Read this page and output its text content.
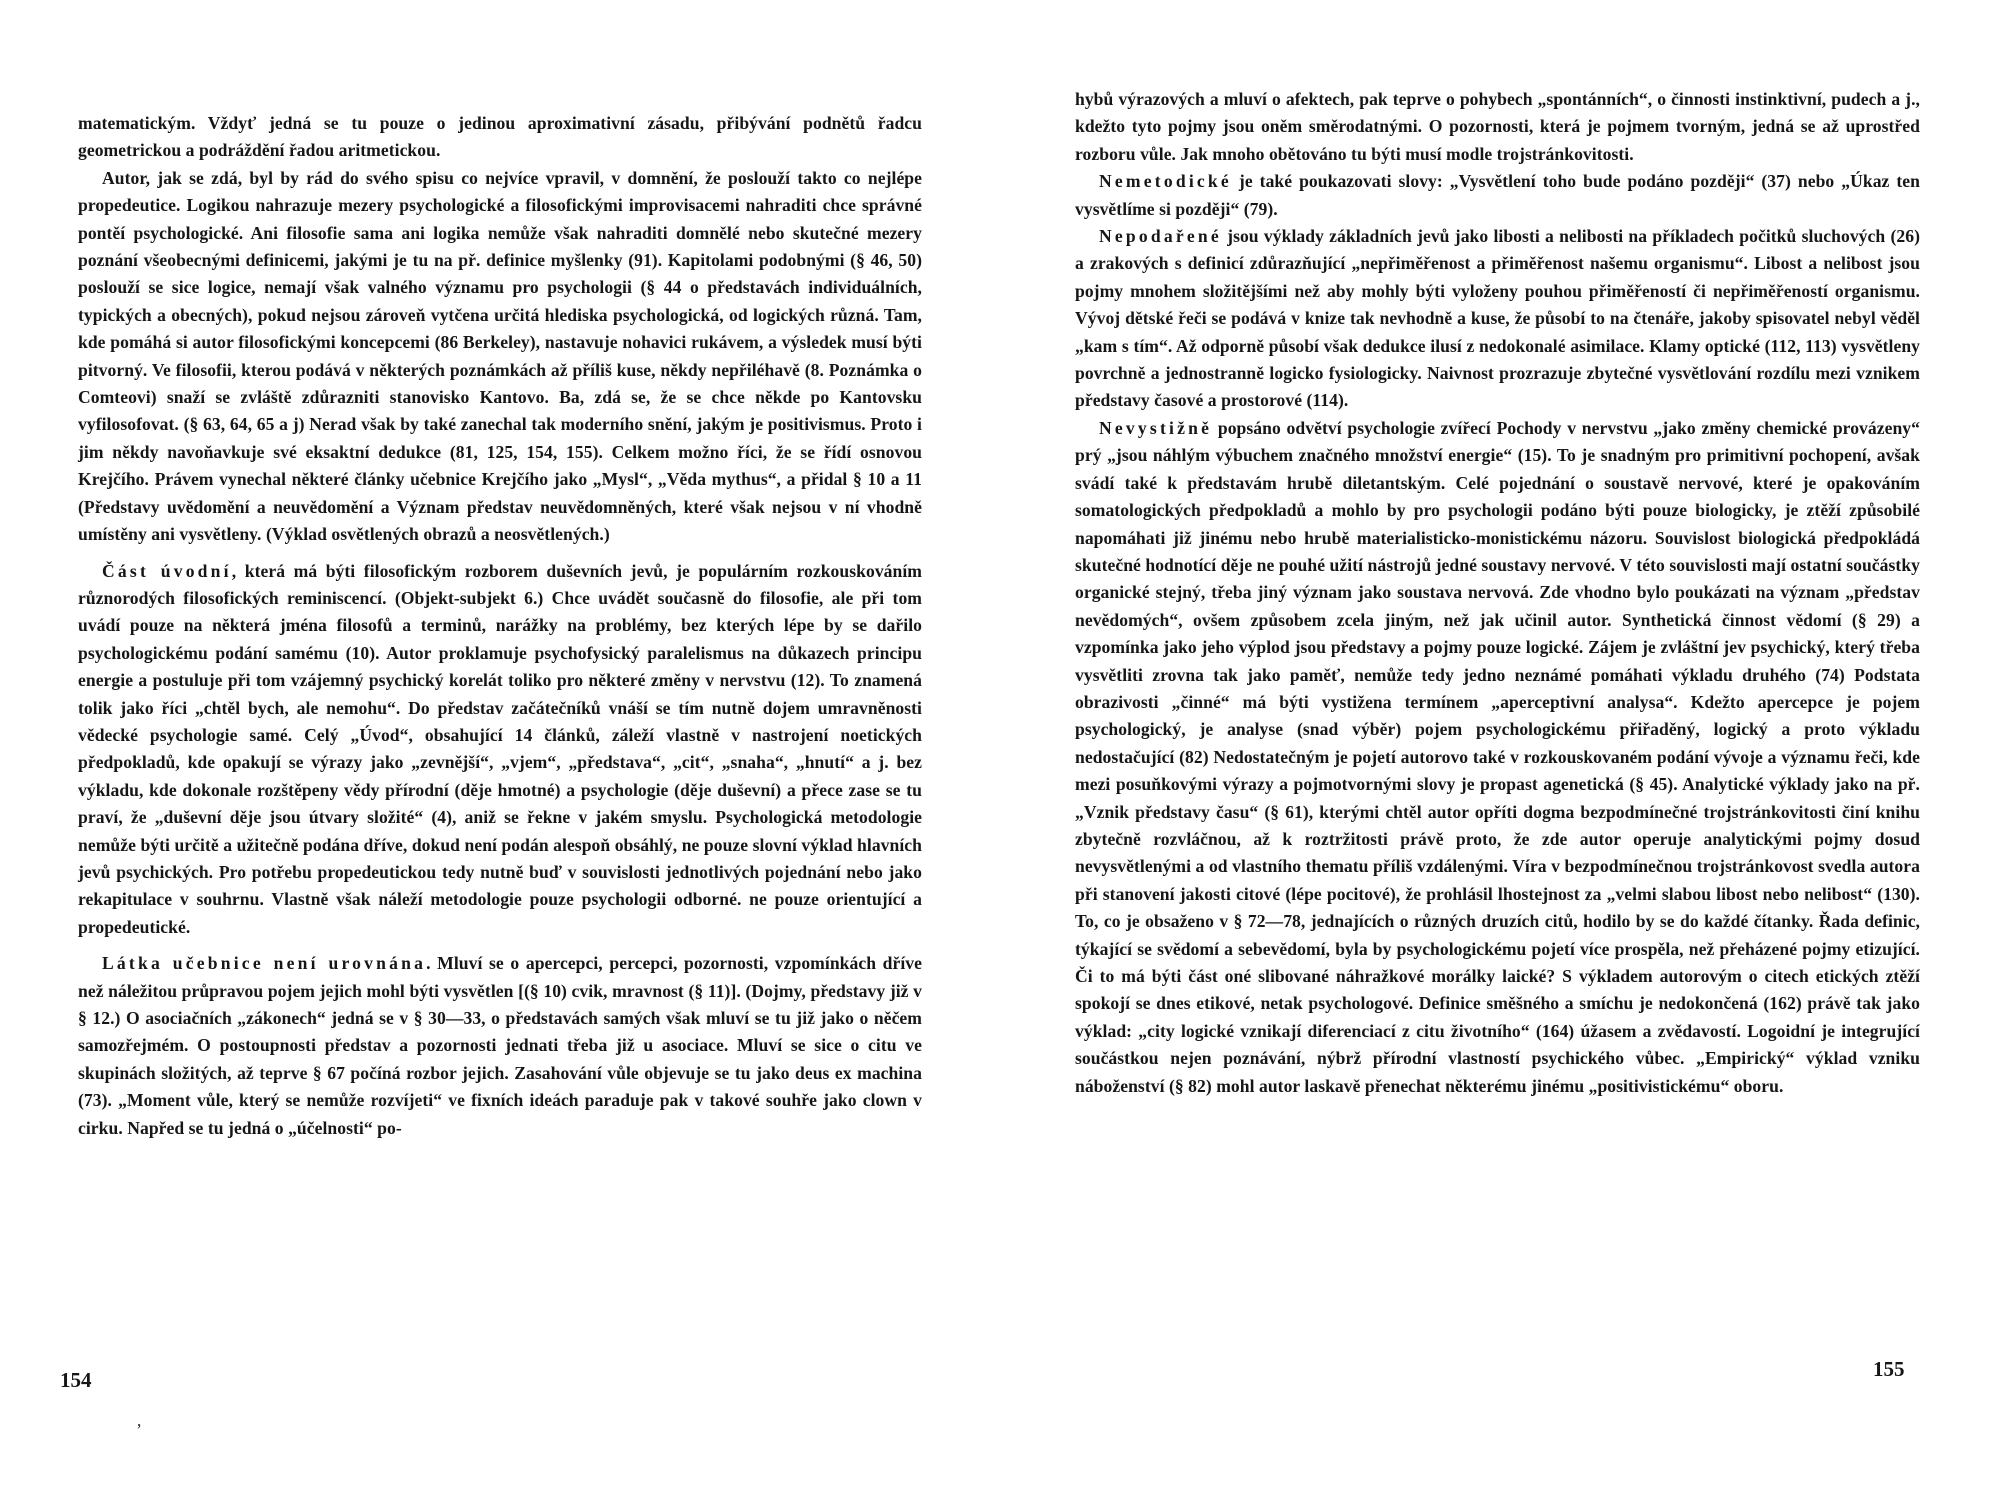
matematickým. Vždyť jedná se tu pouze o jedinou aproximativní zásadu, přibývání podnětů řadcu geometrickou a podráždění řadou aritmetickou.

Autor, jak se zdá, byl by rád do svého spisu co nejvíce vpravil, v domnění, že poslouží takto co nejlépe propedeutice. Logikou nahrazuje mezery psychologické a filosofickými improvisacemi nahraditi chce správné pontěí psychologické. Ani filosofie sama ani logika nemůže však nahraditi domnělé nebo skutečné mezery poznání všeobecnými definicemi, jakými je tu na př. definice myšlenky (91). Kapitolami podobnými (§ 46, 50) poslouží se sice logice, nemají však valného významu pro psychologii (§ 44 o představách individuálních, typických a obecných), pokud nejsou zároveň vytčena určitá hlediska psychologická, od logických různá. Tam, kde pomáhá si autor filosofickými koncepcemi (86 Berkeley), nastavuje nohavici rukávem, a výsledek musí býti pitvorný. Ve filosofii, kterou podává v některých poznámkách až příliš kuse, někdy nepřiléhavě (8. Poznámka o Comteovi) snaží se zvláště zdůrazniti stanovisko Kantovo. Ba, zdá se, že se chce někde po Kantovsku vyfilosofovat. (§ 63, 64, 65 a j) Nerad však by také zanechal tak moderního snění, jakým je positivismus. Proto i jim někdy navoňavkuje své eksaktní dedukce (81, 125, 154, 155). Celkem možno říci, že se řídí osnovou Krejčího. Právem vynechal některé články učebnice Krejčího jako „Mysl“, „Věda mythus“, a přidal § 10 a 11 (Představy uvědomění a neuvědomění a Význam představ neuvědomněných, které však nejsou v ní vhodně umístěny ani vysvětleny. (Výklad osvětlených obrazů a neosvětlených.)

Část úvodní, která má býti filosofickým rozborem duševních jevů, je populárním rozkouskováním různorodých filosofických reminiscencí. (Objekt-subjekt 6.) Chce uvádět současně do filosofie, ale při tom uvádí pouze na některá jména filosofů a terminů, narážky na problémy, bez kterých lépe by se dařilo psychologickému podání samému (10). Autor proklamuje psychofysický paralelismus na důkazech principu energie a postuluje při tom vzájemný psychický korelát toliko pro některé změny v nervstvu (12). To znamená tolik jako říci „chtěl bych, ale nemohu“. Do představ začátečníků vnáší se tím nutně dojem umravněnosti vědecké psychologie samé. Celý „Úvod“, obsahující 14 článků, záleží vlastně v nastrojení noetických předpokladů, kde opakují se výrazy jako „zevnější“, „vjem“, „představa“, „cit“, „snaha“, „hnutí“ a j. bez výkladu, kde dokonale rozštěpeny vědy přírodní (děje hmotné) a psychologie (děje duševní) a přece zase se tu praví, že „duševní děje jsou útvary složité“ (4), aniž se řekne v jakém smyslu. Psychologická metodologie nemůže býti určitě a užitečně podána dříve, dokud není podán alespoň obsáhlý, ne pouze slovní výklad hlavních jevů psychických. Pro potřebu propedeutickou tedy nutně buď v souvislosti jednotlivých pojednání nebo jako rekapitulace v souhrnu. Vlastně však náleží metodologie pouze psychologii odborné. ne pouze orientující a propedeutické.

Látka učebnice není urovnána. Mluví se o apercepci, percepci, pozornosti, vzpomínkách dříve než náležitou průpravou pojem jejich mohl býti vysvětlen [(§ 10) cvik, mravnost (§ 11)]. (Dojmy, představy již v § 12.) O asociačních „zákonech“ jedná se v § 30—33, o představách samých však mluví se tu již jako o něčem samozřejmém. O postoupnosti představ a pozornosti jednati třeba již u asociace. Mluví se sice o citu ve skupinách složitých, až teprve § 67 počíná rozbor jejich. Zasahování vůle objevuje se tu jako deus ex machina (73). „Moment vůle, který se nemůže rozvíjeti“ ve fixních ideách paraduje pak v takové souhře jako clown v cirku. Napřed se tu jedná o „účelnosti“ po-

154
ʼ

hybů výrazových a mluví o afektech, pak teprve o pohybech „spontánních“, o činnosti instinktivní, pudech a j., kdežto tyto pojmy jsou oněm směrodatnými. O pozornosti, která je pojmem tvorným, jedná se až uprostřed rozboru vůle. Jak mnoho obětováno tu býti musí modle trojstránkovitosti.

Nemetodické je také poukazovati slovy: „Vysvětlení toho bude podáno později“ (37) nebo „Úkaz ten vysvětlíme si později“ (79).

Nepodařené jsou výklady základních jevů jako libosti a nelibosti na příkladech počitků sluchových (26) a zrakových s definicí zdůrazňující „nepřiměřenost a přiměřenost našemu organismu“. Libost a nelibost jsou pojmy mnohem složitějšími než aby mohly býti vyloženy pouhou přiměřeností či nepřiměřeností organismu. Vývoj dětské řeči se podává v knize tak nevhodně a kuse, že působí to na čtenáře, jakoby spisovatel nebyl věděl „kam s tím“. Až odporně působí však dedukce ilusí z nedokonalé asimilace. Klamy optické (112, 113) vysvětleny povrchně a jednostranně logicko fysiologicky. Naivnost prozrazuje zbytečné vysvětlování rozdílu mezi vznikem představy časové a prostorové (114).

Nevystižně popsáno odvětví psychologie zvířecí Pochody v nervstvu „jako změny chemické provázeny“ prý „jsou náhlým výbuchem značného množství energie“ (15). To je snadným pro primitivní pochopení, avšak svádí také k představám hrubě diletantským. Celé pojednání o soustavě nervové, které je opakováním somatologických předpokladů a mohlo by pro psychologii podáno býti pouze biologicky, je ztěží způsobilé napomáhati již jinému nebo hrubě materialisticko-monistickému názoru. Souvislost biologická předpokládá skutečné hodnotící děje ne pouhé užití nástrojů jedné soustavy nervové. V této souvislosti mají ostatní součástky organické stejný, třeba jiný význam jako soustava nervová. Zde vhodno bylo poukázati na význam „představ nevědomých“, ovšem způsobem zcela jiným, než jak učinil autor. Synthetická činnost vědomí (§ 29) a vzpomínka jako jeho výplod jsou představy a pojmy pouze logické. Zájem je zvláštní jev psychický, který třeba vysvětliti zrovna tak jako paměť, nemůže tedy jedno neznámé pomáhati výkladu druhého (74) Podstata obrazivosti „činné“ má býti vystižena termínem „aperceptivní analysa“. Kdežto apercepce je pojem psychologický, je analyse (snad výběr) pojem psychologickému přiřaděný, logický a proto výkladu nedostačující (82) Nedostatečným je pojetí autorovo také v rozkouskovaném podání vývoje a významu řeči, kde mezi posuňkovými výrazy a pojmotvornými slovy je propast agenetická (§ 45). Analytické výklady jako na př. „Vznik představy času“ (§ 61), kterými chtěl autor opříti dogma bezpodmínečné trojstránkovitosti činí knihu zbytečně rozvláčnou, až k roztržitosti právě proto, že zde autor operuje analytickými pojmy dosud nevysvětlenými a od vlastního thematu příliš vzdálenými. Víra v bezpodmínečnou trojstránkovost svedla autora při stanovení jakosti citové (lépe pocitové), že prohlásil lhostejnost za „velmi slabou libost nebo nelibost“ (130). To, co je obsaženo v § 72—78, jednajících o různých druzích citů, hodilo by se do každé čítanky. Řada definic, týkající se svědomí a sebevědomí, byla by psychologickému pojetí více prospěla, než přeházené pojmy etizující. Či to má býti část oné slibované náhražkové morálky laické? S výkladem autorovým o citech etických ztěží spokojí se dnes etikové, netak psychologové. Definice směšného a smíchu je nedokončená (162) právě tak jako výklad: „city logické vznikají diferenciací z citu životního“ (164) úžasem a zvědavostí. Logoidní je integrující součástkou nejen poznávání, nýbrž přírodní vlastností psychického vůbec. „Empirický“ výklad vzniku náboženství (§ 82) mohl autor laskavě přenechat některému jinému „positivistickému“ oboru.

155
